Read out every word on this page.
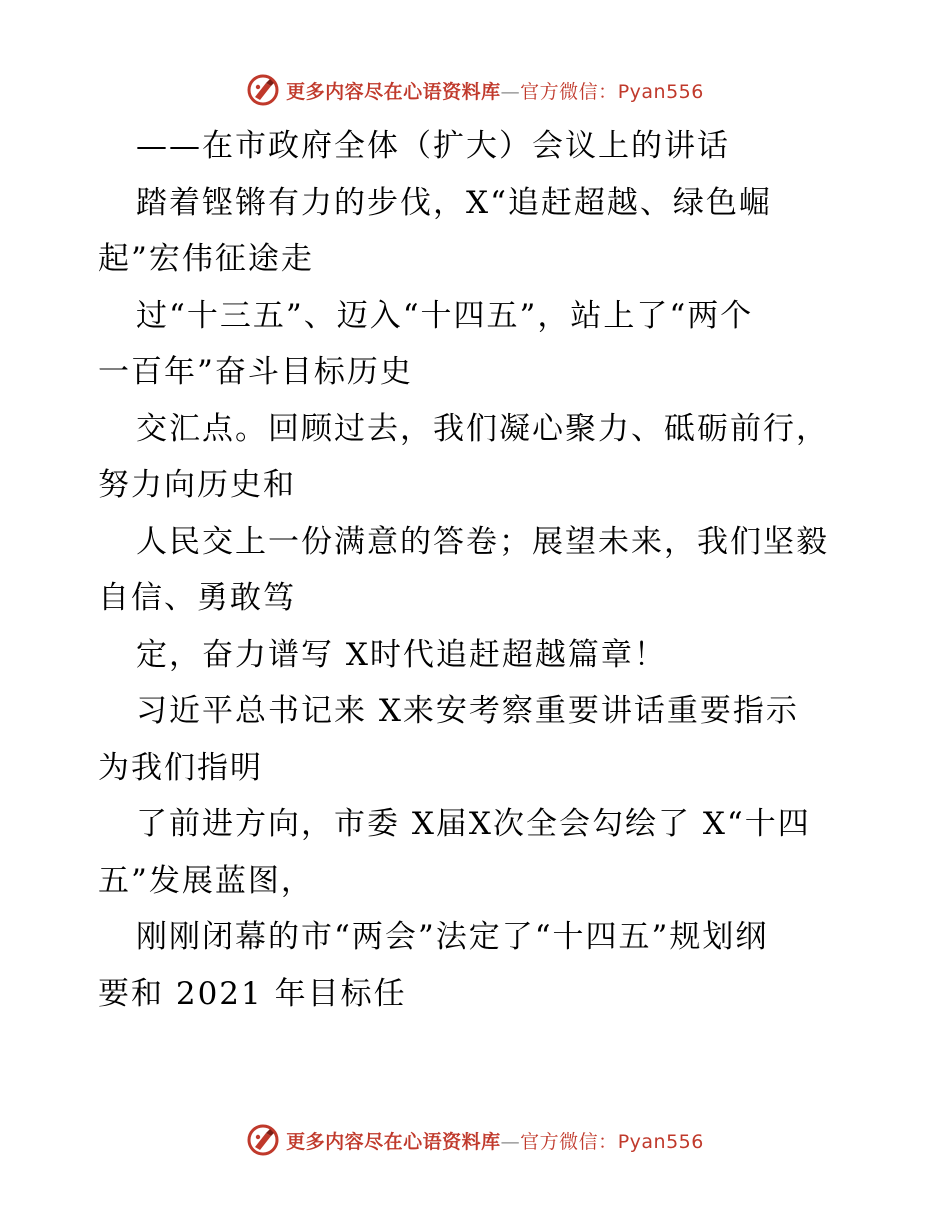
更多内容尽在心语资料库—官方微信：Pyan556
——在市政府全体（扩大）会议上的讲话
踏着铿锵有力的步伐，X“追赶超越、绿色崛
起”宏伟征途走
过“十三五”、迈入“十四五”，站上了“两个
一百年”奋斗目标历史
交汇点。回顾过去，我们凝心聚力、砥砺前行，
努力向历史和
人民交上一份满意的答卷；展望未来，我们坚毅
自信、勇敢笃
定，奋力谱写 X时代追赶超越篇章！
习近平总书记来 X来安考察重要讲话重要指示
为我们指明
了前进方向，市委 X届X次全会勾绘了 X“十四
五”发展蓝图，
刚刚闭幕的市“两会”法定了“十四五”规划纲
要和 2021 年目标任
更多内容尽在心语资料库—官方微信：Pyan556
